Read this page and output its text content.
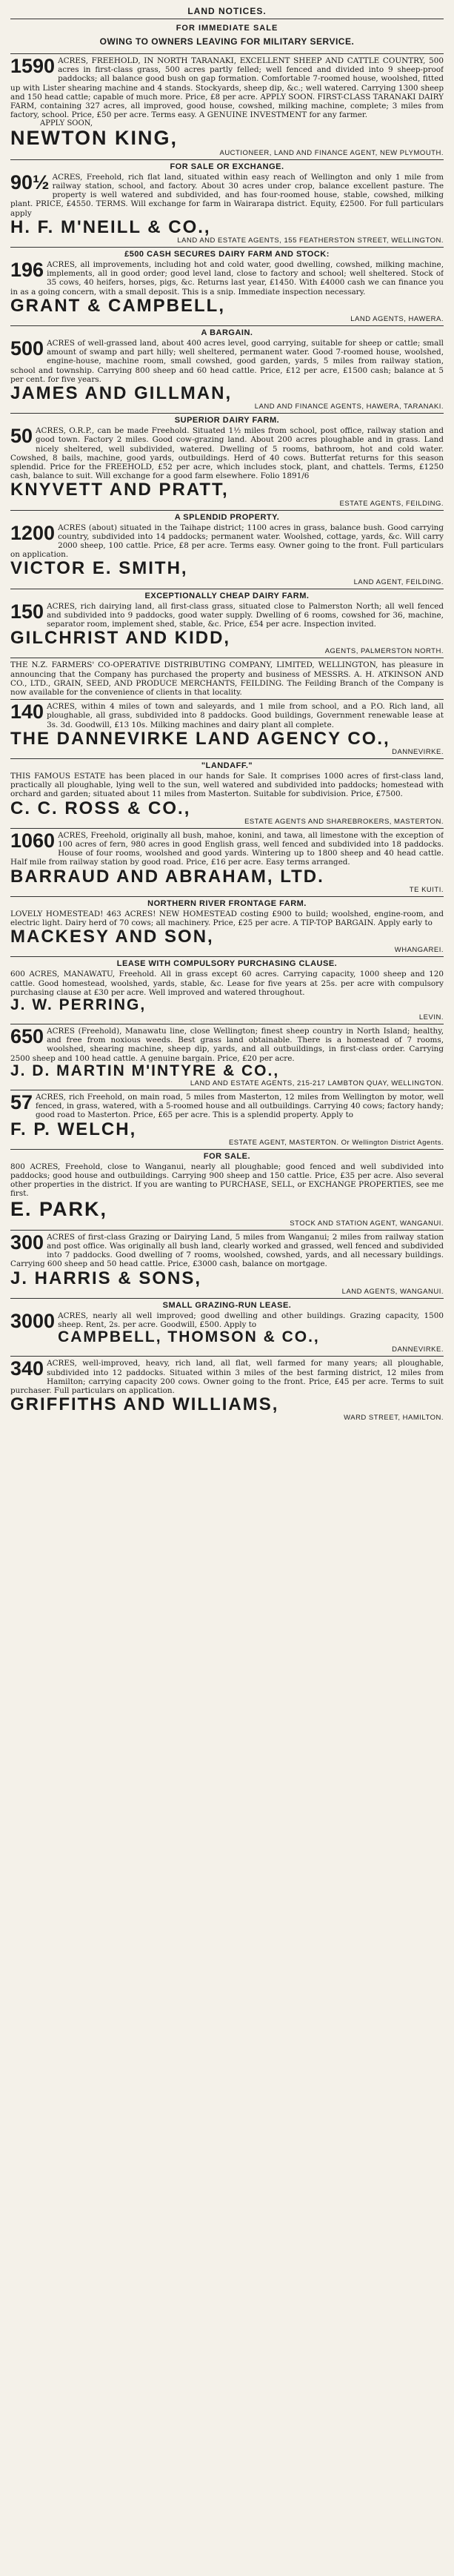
LAND NOTICES.
FOR IMMEDIATE SALE
OWING TO OWNERS LEAVING FOR MILITARY SERVICE.
1590 ACRES, FREEHOLD, IN NORTH TARANAKI, EXCELLENT SHEEP AND CATTLE COUNTRY, 500 acres in first-class grass, 500 acres partly felled; well fenced and divided into 9 sheep-proof paddocks; all balance good bush on gap formation. Comfortable 7-roomed house, woolshed, fitted up with Lister shearing machine and 4 stands. Stockyards, sheep dip, &c.; well watered. Carrying 1300 sheep and 150 head cattle; capable of much more. Price, £8 per acre. APPLY SOON. FIRST-CLASS TARANAKI DAIRY FARM, containing 327 acres, all improved, good house, cowshed, milking machine, complete; 3 miles from factory, school. Price, £50 per acre. Terms easy. A GENUINE INVESTMENT for any farmer.
APPLY SOON,
NEWTON KING,
AUCTIONEER, LAND AND FINANCE AGENT, NEW PLYMOUTH.
FOR SALE OR EXCHANGE.
90½ ACRES, Freehold, rich flat land, situated within easy reach of Wellington and only 1 mile from railway station, school, and factory. About 30 acres under crop, balance excellent pasture. The property is well watered and subdivided, and has four-roomed house, stable, cowshed, milking plant. PRICE, £4550. TERMS. Will exchange for farm in Wairarapa district. Equity, £2500. For full particulars apply
H. F. M'NEILL & CO.,
LAND AND ESTATE AGENTS, 155 FEATHERSTON STREET, WELLINGTON.
£500 CASH SECURES DAIRY FARM AND STOCK:
196 ACRES, all improvements, including hot and cold water, good dwelling, cowshed, milking machine, implements, all in good order; good level land, close to factory and school; well sheltered. Stock of 35 cows, 40 heifers, horses, pigs, &c. Returns last year, £1450. With £4000 cash we can finance you in as a going concern, with a small deposit. This is a snip. Immediate inspection necessary.
GRANT & CAMPBELL,
LAND AGENTS, HAWERA.
A BARGAIN.
500 ACRES of well-grassed land, about 400 acres level, good carrying, suitable for sheep or cattle; small amount of swamp and part hilly; well sheltered, permanent water. Good 7-roomed house, woolshed, engine-house, machine room, small cowshed, good garden, yards, 5 miles from railway station, school and township. Carrying 800 sheep and 60 head cattle. Price, £12 per acre, £1500 cash; balance at 5 per cent. for five years.
JAMES AND GILLMAN,
LAND AND FINANCE AGENTS, HAWERA, TARANAKI.
SUPERIOR DAIRY FARM.
50 ACRES, O.R.P., can be made Freehold. Situated 1½ miles from school, post office, railway station and good town. Factory 2 miles. Good cow-grazing land. About 200 acres ploughable and in grass. Land nicely sheltered, well subdivided, watered. Dwelling of 5 rooms, bathroom, hot and cold water. Cowshed, 8 bails, machine, good yards, outbuildings. Herd of 40 cows. Butterfat returns for this season splendid. Price for the FREEHOLD, £52 per acre, which includes stock, plant, and chattels. Terms, £1250 cash, balance to suit. Will exchange for a good farm elsewhere. Folio 1891/6
KNYVETT AND PRATT,
ESTATE AGENTS, FEILDING.
A SPLENDID PROPERTY.
1200 ACRES (about) situated in the Taihape district; 1100 acres in grass, balance bush. Good carrying country, subdivided into 14 paddocks; permanent water. Woolshed, cottage, yards, &c. Will carry 2000 sheep, 100 cattle. Price, £8 per acre. Terms easy. Owner going to the front. Full particulars on application.
VICTOR E. SMITH,
LAND AGENT, FEILDING.
EXCEPTIONALLY CHEAP DAIRY FARM.
150 ACRES, rich dairying land, all first-class grass, situated close to Palmerston North; all well fenced and subdivided into 9 paddocks, good water supply. Dwelling of 6 rooms, cowshed for 36, machine, separator room, implement shed, stable, &c. Price, £54 per acre. Inspection invited.
GILCHRIST AND KIDD,
AGENTS, PALMERSTON NORTH.
THE N.Z. FARMERS' CO-OPERATIVE DISTRIBUTING COMPANY, LIMITED, WELLINGTON, has pleasure in announcing that the Company has purchased the property and business of MESSRS. A. H. ATKINSON AND CO., LTD., GRAIN, SEED, AND PRODUCE MERCHANTS, FEILDING. The Feilding Branch of the Company is now available for the convenience of clients in that locality.
140 ACRES, within 4 miles of town and saleyards, and 1 mile from school, and a P.O. Rich land, all ploughable, all grass, subdivided into 8 paddocks. Good buildings, Government renewable lease at 3s. 3d. Goodwill, £13 10s. Milking machines and dairy plant all complete.
THE DANNEVIRKE LAND AGENCY CO.,
DANNEVIRKE.
"LANDAFF."
THIS FAMOUS ESTATE has been placed in our hands for Sale. It comprises 1000 acres of first-class land, practically all ploughable, lying well to the sun, well watered and subdivided into paddocks; homestead with orchard and garden; situated about 11 miles from Masterton. Suitable for subdivision. Price, £7500.
C. C. ROSS & CO.,
ESTATE AGENTS AND SHAREBROKERS, MASTERTON.
1060 ACRES, Freehold, originally all bush, mahoe, konini, and tawa, all limestone with the exception of 100 acres of fern, 980 acres in good English grass, well fenced and subdivided into 18 paddocks. House of four rooms, woolshed and good yards. Wintering up to 1800 sheep and 40 head cattle. Half mile from railway station by good road. Price, £16 per acre. Easy terms arranged.
BARRAUD AND ABRAHAM, LTD.
TE KUITI.
NORTHERN RIVER FRONTAGE FARM.
LOVELY HOMESTEAD! 463 ACRES! NEW HOMESTEAD costing £900 to build; woolshed, engine-room, and electric light. Dairy herd of 70 cows; all machinery. Price, £25 per acre. A TIP-TOP BARGAIN. Apply early to
MACKESY AND SON,
WHANGAREI.
LEASE WITH COMPULSORY PURCHASING CLAUSE.
600 ACRES, MANAWATU, Freehold. All in grass except 60 acres. Carrying capacity, 1000 sheep and 120 cattle. Good homestead, woolshed, yards, stable, &c. Lease for five years at 25s. per acre with compulsory purchasing clause at £30 per acre. Well improved and watered throughout.
J. W. PERRING,
LEVIN.
650 ACRES (Freehold), Manawatu line, close Wellington; finest sheep country in North Island; healthy, and free from noxious weeds. Best grass land obtainable. There is a homestead of 7 rooms, woolshed, shearing machine, sheep dip, yards, and all outbuildings, in first-class order. Carrying 2500 sheep and 100 head cattle. A genuine bargain. Price, £20 per acre.
J. D. MARTIN M'INTYRE & CO.,
LAND AND ESTATE AGENTS, 215-217 LAMBTON QUAY, WELLINGTON.
57 ACRES, rich Freehold, on main road, 5 miles from Masterton, 12 miles from Wellington by motor, well fenced, in grass, watered, with a 5-roomed house and all outbuildings. Carrying 40 cows; factory handy; good road to Masterton. Price, £65 per acre. This is a splendid property. Apply to
F. P. WELCH,
ESTATE AGENT, MASTERTON. Or Wellington District Agents.
FOR SALE.
800 ACRES, Freehold, close to Wanganui, nearly all ploughable; good fenced and well subdivided into paddocks; good house and outbuildings. Carrying 900 sheep and 150 cattle. Price, £35 per acre. Also several other properties in the district. If you are wanting to PURCHASE, SELL, or EXCHANGE PROPERTIES, see me first.
E. PARK,
STOCK AND STATION AGENT, WANGANUI.
300 ACRES of first-class Grazing or Dairying Land, 5 miles from Wanganui; 2 miles from railway station and post office. Was originally all bush land, clearly worked and grassed, well fenced and subdivided into 7 paddocks. Good dwelling of 7 rooms, woolshed, cowshed, yards, and all necessary buildings. Carrying 600 sheep and 50 head cattle. Price, £3000 cash, balance on mortgage.
J. HARRIS & SONS,
LAND AGENTS, WANGANUI.
SMALL GRAZING-RUN LEASE.
3000 ACRES, nearly all well improved; good dwelling and other buildings. Grazing capacity, 1500 sheep. Rent, 2s. per acre. Goodwill, £500. Apply to
CAMPBELL, THOMSON & CO.,
DANNEVIRKE.
340 ACRES, well-improved, heavy, rich land, all flat, well farmed for many years; all ploughable, subdivided into 12 paddocks. Situated within 3 miles of the best farming district, 12 miles from Hamilton; carrying capacity 200 cows. Owner going to the front. Price, £45 per acre. Terms to suit purchaser. Full particulars on application.
GRIFFITHS AND WILLIAMS,
WARD STREET, HAMILTON.
